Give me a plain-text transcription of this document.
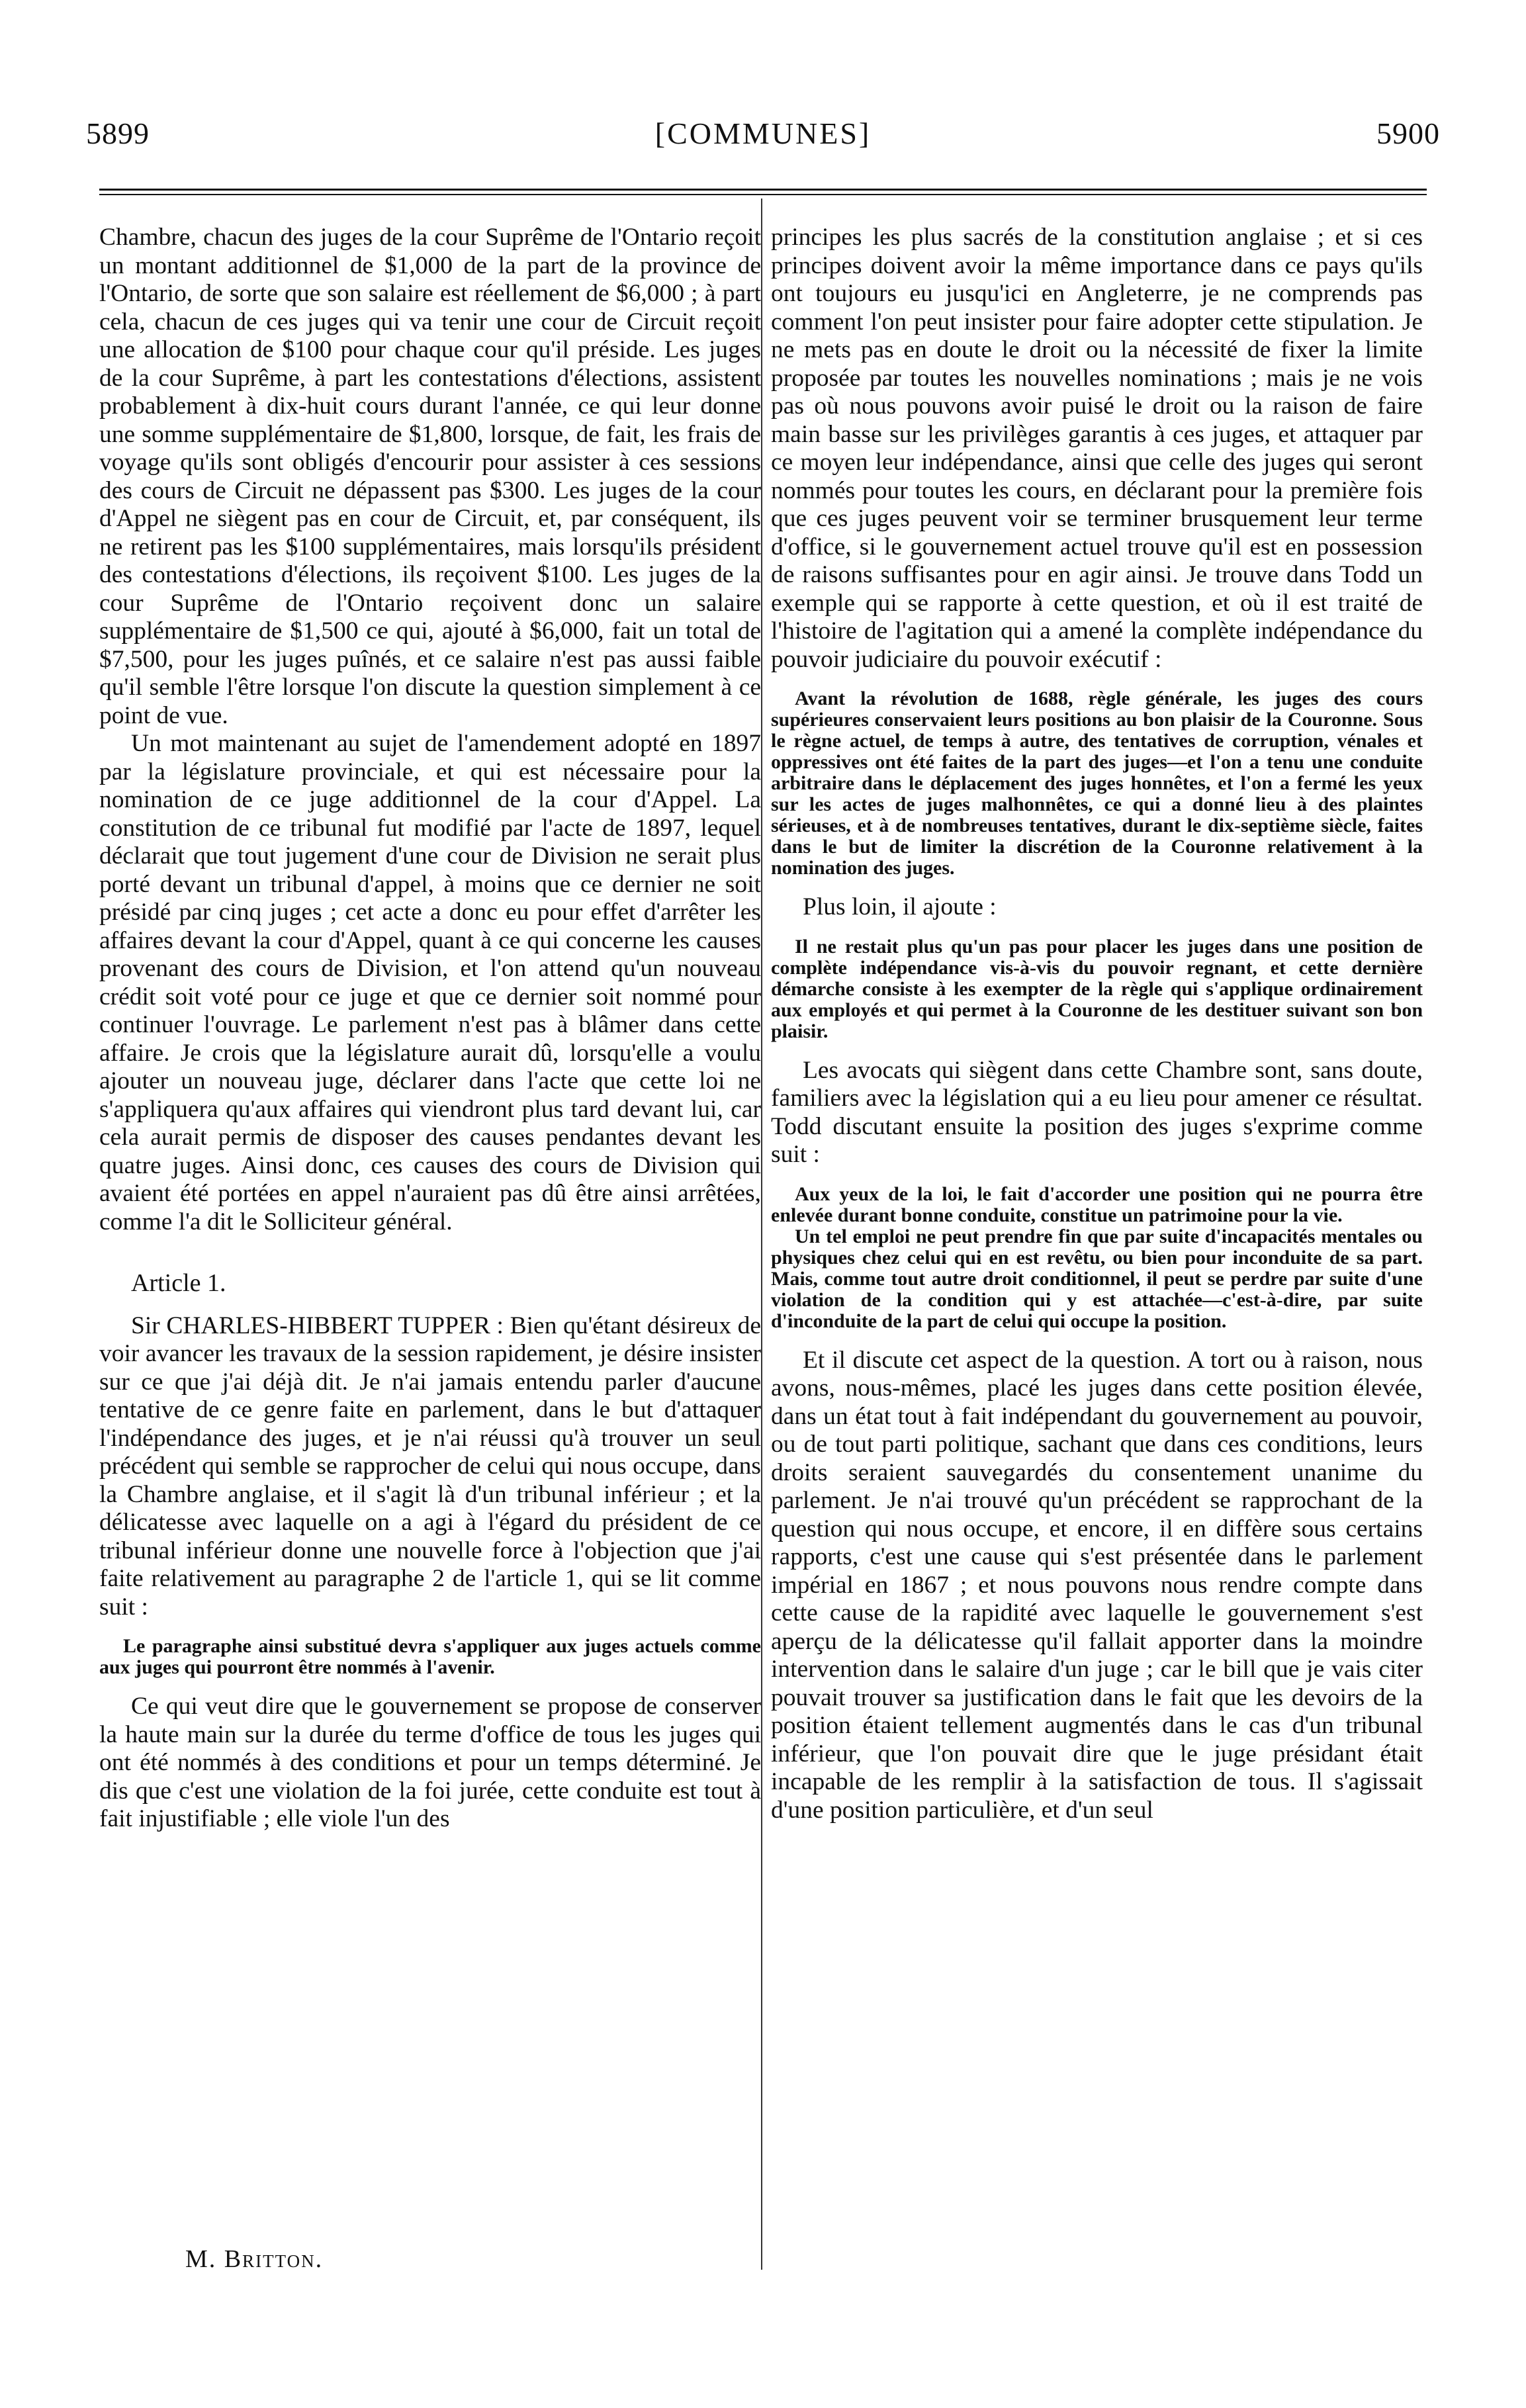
5899	[COMMUNES]	5900

Chambre, chacun des juges de la cour Suprême de l'Ontario reçoit un montant additionnel de $1,000 de la part de la province de l'Ontario, de sorte que son salaire est réellement de $6,000 ; à part cela, chacun de ces juges qui va tenir une cour de Circuit reçoit une allocation de $100 pour chaque cour qu'il préside. Les juges de la cour Suprême, à part les contestations d'élections, assistent probablement à dix-huit cours durant l'année, ce qui leur donne une somme supplémentaire de $1,800, lorsque, de fait, les frais de voyage qu'ils sont obligés d'encourir pour assister à ces sessions des cours de Circuit ne dépassent pas $300. Les juges de la cour d'Appel ne siègent pas en cour de Circuit, et, par conséquent, ils ne retirent pas les $100 supplémentaires, mais lorsqu'ils président des contestations d'élections, ils reçoivent $100. Les juges de la cour Suprême de l'Ontario reçoivent donc un salaire supplémentaire de $1,500 ce qui, ajouté à $6,000, fait un total de $7,500, pour les juges puînés, et ce salaire n'est pas aussi faible qu'il semble l'être lorsque l'on discute la question simplement à ce point de vue.

Un mot maintenant au sujet de l'amendement adopté en 1897 par la législature provinciale, et qui est nécessaire pour la nomination de ce juge additionnel de la cour d'Appel. La constitution de ce tribunal fut modifié par l'acte de 1897, lequel déclarait que tout jugement d'une cour de Division ne serait plus porté devant un tribunal d'appel, à moins que ce dernier ne soit présidé par cinq juges ; cet acte a donc eu pour effet d'arrêter les affaires devant la cour d'Appel, quant à ce qui concerne les causes provenant des cours de Division, et l'on attend qu'un nouveau crédit soit voté pour ce juge et que ce dernier soit nommé pour continuer l'ouvrage. Le parlement n'est pas à blâmer dans cette affaire. Je crois que la législature aurait dû, lorsqu'elle a voulu ajouter un nouveau juge, déclarer dans l'acte que cette loi ne s'appliquera qu'aux affaires qui viendront plus tard devant lui, car cela aurait permis de disposer des causes pendantes devant les quatre juges. Ainsi donc, ces causes des cours de Division qui avaient été portées en appel n'auraient pas dû être ainsi arrêtées, comme l'a dit le Solliciteur général.

Article 1.

Sir CHARLES-HIBBERT TUPPER : Bien qu'étant désireux de voir avancer les travaux de la session rapidement, je désire insister sur ce que j'ai déjà dit. Je n'ai jamais entendu parler d'aucune tentative de ce genre faite en parlement, dans le but d'attaquer l'indépendance des juges, et je n'ai réussi qu'à trouver un seul précédent qui semble se rapprocher de celui qui nous occupe, dans la Chambre anglaise, et il s'agit là d'un tribunal inférieur ; et la délicatesse avec laquelle on a agi à l'égard du président de ce tribunal inférieur donne une nouvelle force à l'objection que j'ai faite relativement au paragraphe 2 de l'article 1, qui se lit comme suit :

Le paragraphe ainsi substitué devra s'appliquer aux juges actuels comme aux juges qui pourront être nommés à l'avenir.

Ce qui veut dire que le gouvernement se propose de conserver la haute main sur la durée du terme d'office de tous les juges qui ont été nommés à des conditions et pour un temps déterminé. Je dis que c'est une violation de la foi jurée, cette conduite est tout à fait injustifiable ; elle viole l'un des

principes les plus sacrés de la constitution anglaise ; et si ces principes doivent avoir la même importance dans ce pays qu'ils ont toujours eu jusqu'ici en Angleterre, je ne comprends pas comment l'on peut insister pour faire adopter cette stipulation. Je ne mets pas en doute le droit ou la nécessité de fixer la limite proposée par toutes les nouvelles nominations ; mais je ne vois pas où nous pouvons avoir puisé le droit ou la raison de faire main basse sur les privilèges garantis à ces juges, et attaquer par ce moyen leur indépendance, ainsi que celle des juges qui seront nommés pour toutes les cours, en déclarant pour la première fois que ces juges peuvent voir se terminer brusquement leur terme d'office, si le gouvernement actuel trouve qu'il est en possession de raisons suffisantes pour en agir ainsi. Je trouve dans Todd un exemple qui se rapporte à cette question, et où il est traité de l'histoire de l'agitation qui a amené la complète indépendance du pouvoir judiciaire du pouvoir exécutif :

Avant la révolution de 1688, règle générale, les juges des cours supérieures conservaient leurs positions au bon plaisir de la Couronne. Sous le règne actuel, de temps à autre, des tentatives de corruption, vénales et oppressives ont été faites de la part des juges—et l'on a tenu une conduite arbitraire dans le déplacement des juges honnêtes, et l'on a fermé les yeux sur les actes de juges malhonnêtes, ce qui a donné lieu à des plaintes sérieuses, et à de nombreuses tentatives, durant le dix-septième siècle, faites dans le but de limiter la discrétion de la Couronne relativement à la nomination des juges.

Plus loin, il ajoute :

Il ne restait plus qu'un pas pour placer les juges dans une position de complète indépendance vis-à-vis du pouvoir regnant, et cette dernière démarche consiste à les exempter de la règle qui s'applique ordinairement aux employés et qui permet à la Couronne de les destituer suivant son bon plaisir.

Les avocats qui siègent dans cette Chambre sont, sans doute, familiers avec la législation qui a eu lieu pour amener ce résultat. Todd discutant ensuite la position des juges s'exprime comme suit :

Aux yeux de la loi, le fait d'accorder une position qui ne pourra être enlevée durant bonne conduite, constitue un patrimoine pour la vie.
Un tel emploi ne peut prendre fin que par suite d'incapacités mentales ou physiques chez celui qui en est revêtu, ou bien pour inconduite de sa part. Mais, comme tout autre droit conditionnel, il peut se perdre par suite d'une violation de la condition qui y est attachée—c'est-à-dire, par suite d'inconduite de la part de celui qui occupe la position.

Et il discute cet aspect de la question. A tort ou à raison, nous avons, nous-mêmes, placé les juges dans cette position élevée, dans un état tout à fait indépendant du gouvernement au pouvoir, ou de tout parti politique, sachant que dans ces conditions, leurs droits seraient sauvegardés du consentement unanime du parlement. Je n'ai trouvé qu'un précédent se rapprochant de la question qui nous occupe, et encore, il en diffère sous certains rapports, c'est une cause qui s'est présentée dans le parlement impérial en 1867 ; et nous pouvons nous rendre compte dans cette cause de la rapidité avec laquelle le gouvernement s'est aperçu de la délicatesse qu'il fallait apporter dans la moindre intervention dans le salaire d'un juge ; car le bill que je vais citer pouvait trouver sa justification dans le fait que les devoirs de la position étaient tellement augmentés dans le cas d'un tribunal inférieur, que l'on pouvait dire que le juge présidant était incapable de les remplir à la satisfaction de tous. Il s'agissait d'une position particulière, et d'un seul

M. Britton.
